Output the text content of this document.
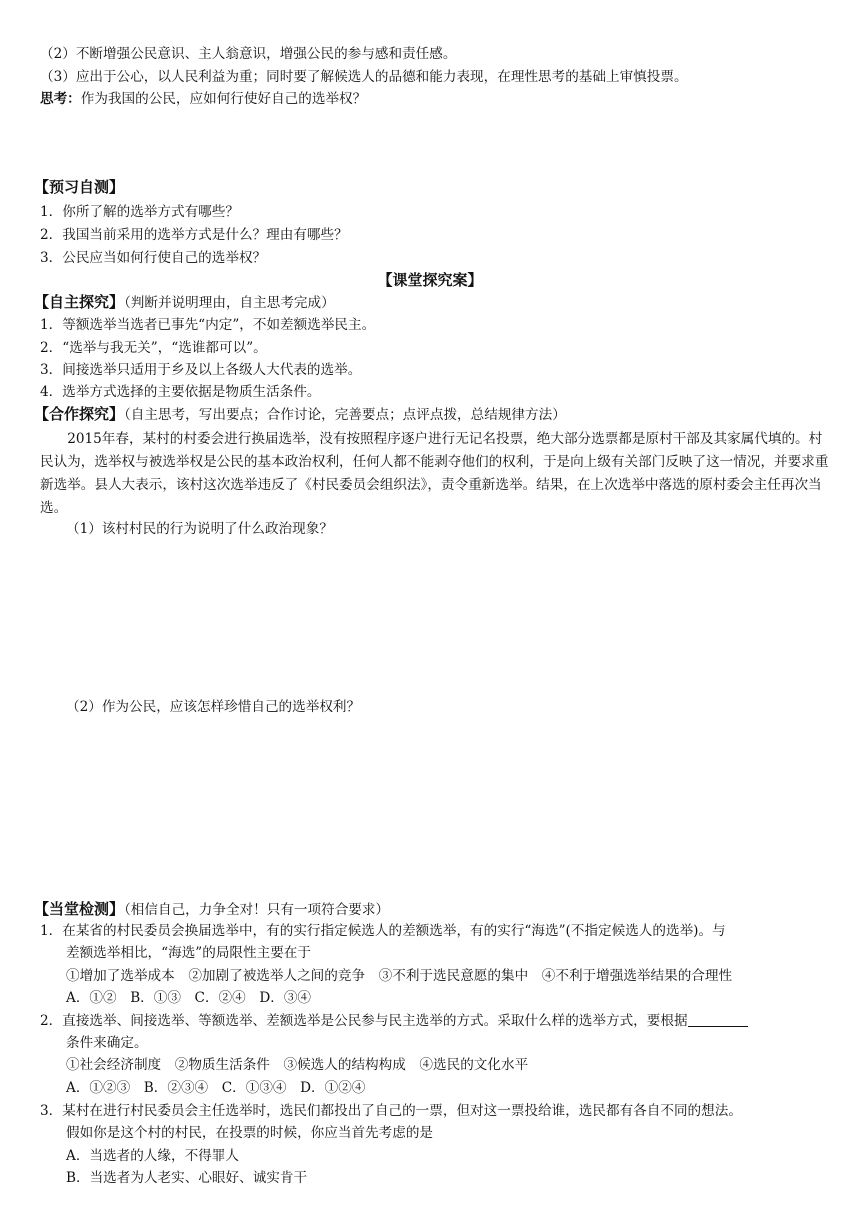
（2）不断增强公民意识、主人翁意识，增强公民的参与感和责任感。
（3）应出于公心，以人民利益为重；同时要了解候选人的品德和能力表现，在理性思考的基础上审慎投票。
思考：作为我国的公民，应如何行使好自己的选举权？
【预习自测】
1．你所了解的选举方式有哪些？
2．我国当前采用的选举方式是什么？理由有哪些？
3．公民应当如何行使自己的选举权？
【课堂探究案】
【自主探究】（判断并说明理由，自主思考完成）
1．等额选举当选者已事先“内定”，不如差额选举民主。
2．“选举与我无关”，“选谁都可以”。
3．间接选举只适用于乡及以上各级人大代表的选举。
4．选举方式选择的主要依据是物质生活条件。
【合作探究】（自主思考，写出要点；合作讨论，完善要点；点评点拨，总结规律方法）
2015年春，某村的村委会进行换届选举，没有按照程序逐户进行无记名投票，绝大部分选票都是原村干部及其家属代填的。村民认为，选举权与被选举权是公民的基本政治权利，任何人都不能剥夺他们的权利，于是向上级有关部门反映了这一情况，并要求重新选举。县人大表示，该村这次选举违反了《村民委员会组织法》，责令重新选举。结果，在上次选举中落选的原村委会主任再次当选。
（1）该村村民的行为说明了什么政治现象？
（2）作为公民，应该怎样珍惜自己的选举权利？
【当堂检测】（相信自己，力争全对！只有一项符合要求）
1．在某省的村民委员会换届选举中，有的实行指定候选人的差额选举，有的实行“海选”(不指定候选人的选举)。与
差额选举相比，“海选”的局限性主要在于
①增加了选举成本　②加剧了被选举人之间的竞争　③不利于选民意愿的集中　④不利于增强选举结果的合理性
A．①②　B．①③　C．②④　D．③④
2．直接选举、间接选举、等额选举、差额选举是公民参与民主选举的方式。采取什么样的选举方式，要根据
条件来确定。
①社会经济制度　②物质生活条件　③候选人的结构构成　④选民的文化水平
A．①②③　B．②③④　C．①③④　D．①②④
3．某村在进行村民委员会主任选举时，选民们都投出了自己的一票，但对这一票投给谁，选民都有各自不同的想法。
假如你是这个村的村民，在投票的时候，你应当首先考虑的是
A．当选者的人缘，不得罪人
B．当选者为人老实、心眼好、诚实肯干
